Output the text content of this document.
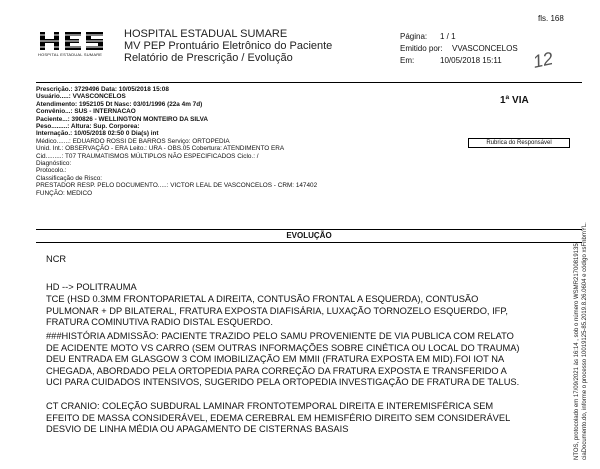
fls. 168
HOSPITAL ESTADUAL SUMARE
HOSPITAL ESTADUAL SUMARE
MV PEP Prontuário Eletrônico do Paciente
Relatório de Prescrição / Evolução
Página:	1 / 1
Emitido por:	VVASCONCELOS
Em:	10/05/2018 15:11 12
Prescrição.: 3729496 Data: 10/05/2018 15:08
Usuário.....: VVASCONCELOS
Atendimento: 1952105 Dt Nasc: 03/01/1996 (22a 4m 7d)
Convênio...: SUS - INTERNACAO
Paciente...: 390826 - WELLINGTON MONTEIRO DA SILVA
Peso.........: Altura: Sup. Corporea:
Internação.: 10/05/2018 02:50 0 Dia(s) int
Médico.......: EDUARDO ROSSI DE BARROS Serviço: ORTOPEDIA
Unid. Int.: OBSERVAÇÃO - ERA Leito.: URA - OBS.05 Cobertura: ATENDIMENTO ERA
Cid.........: T07 TRAUMATISMOS MÚLTIPLOS NÃO ESPECIFICADOS Ciclo.: /
Diagnóstico:
Protocolo.:
Classificação de Risco:
PRESTADOR RESP. PELO DOCUMENTO.....: VICTOR LEAL DE VASCONCELOS - CRM: 147402
FUNÇÃO: MEDICO
1ª VIA
Rubrica do Responsável
EVOLUÇÃO
NCR
HD --> POLITRAUMA
TCE (HSD 0.3MM FRONTOPARIETAL A DIREITA, CONTUSÃO FRONTAL A ESQUERDA), CONTUSÃO
PULMONAR + DP BILATERAL, FRATURA EXPOSTA DIAFISÁRIA, LUXAÇÃO TORNOZELO ESQUERDO, IFP,
FRATURA COMINUTIVA RADIO DISTAL ESQUERDO.
###HISTÓRIA ADMISSÃO: PACIENTE TRAZIDO PELO SAMU PROVENIENTE DE VIA PUBLICA COM RELATO
DE ACIDENTE MOTO VS CARRO (SEM OUTRAS INFORMAÇÕES SOBRE CINÉTICA OU LOCAL DO TRAUMA)
DEU ENTRADA EM GLASGOW 3 COM IMOBILIZAÇÃO EM MMII (FRATURA EXPOSTA EM MID).FOI IOT NA
CHEGADA, ABORDADO PELA ORTOPEDIA PARA CORREÇÃO DA FRATURA EXPOSTA E TRANSFERIDO A
UCI PARA CUIDADOS INTENSIVOS, SUGERIDO PELA ORTOPEDIA INVESTIGAÇÃO DE FRATURA DE TALUS.
CT CRANIO: COLEÇÃO SUBDURAL LAMINAR FRONTOTEMPORAL DIREITA E INTEREMISFÉRICA SEM
EFEITO DE MASSA CONSIDERÁVEL, EDEMA CEREBRAL EM HEMISFÉRIO DIREITO SEM CONSIDERÁVEL
DESVIO DE LINHA MÉDIA OU APAGAMENTO DE CISTERNAS BASAIS	NTOS, protocolado em 17/09/2021 às 16:14 , sob o número WSMR21700819135 ciaDocumento.do, informe o processo 10019125-85.2019.8.26.0604 e código xsFnbmYL.
